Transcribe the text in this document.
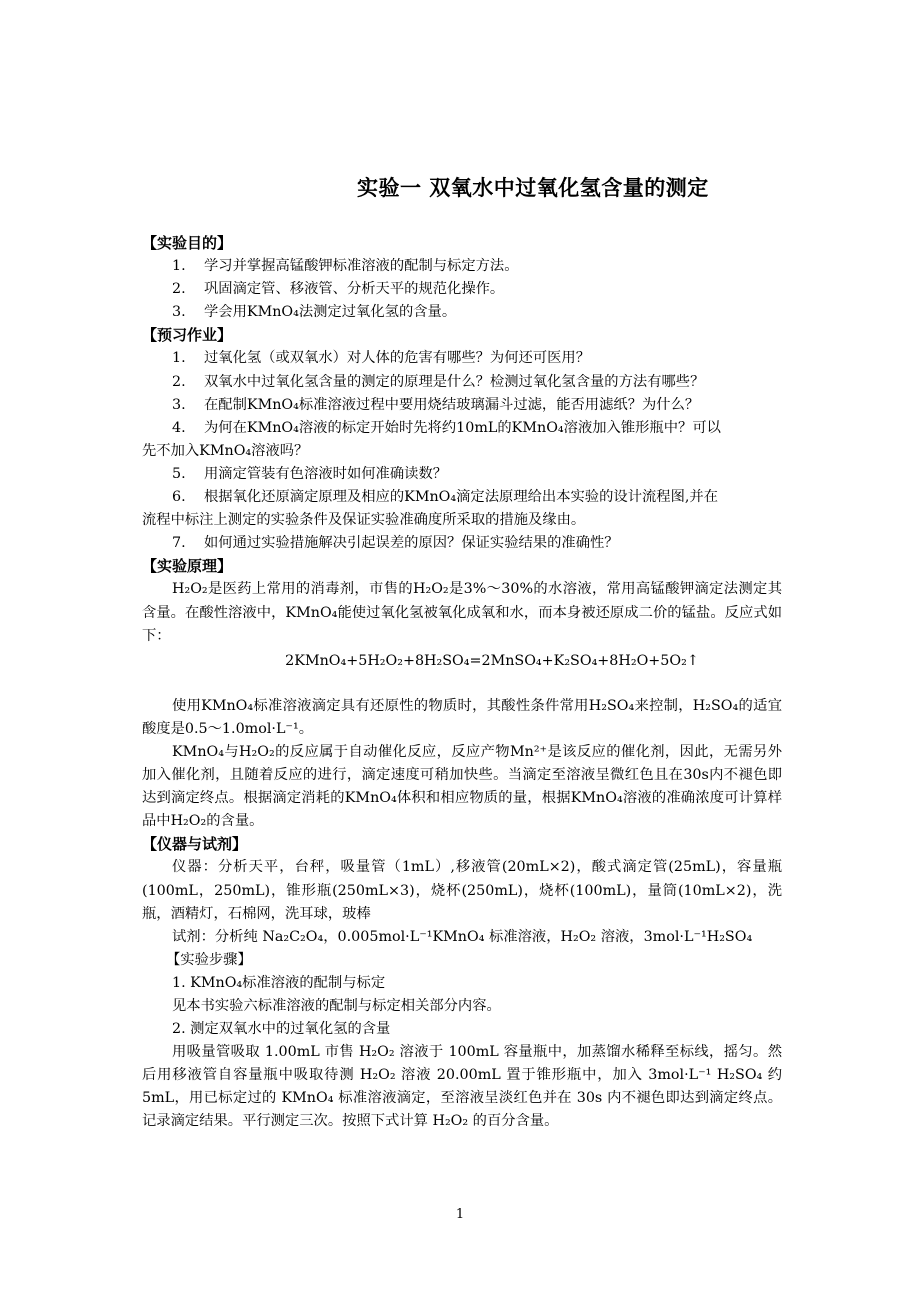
实验一 双氧水中过氧化氢含量的测定
【实验目的】
1. 学习并掌握高锰酸钾标准溶液的配制与标定方法。
2. 巩固滴定管、移液管、分析天平的规范化操作。
3. 学会用KMnO₄法测定过氧化氢的含量。
【预习作业】
1. 过氧化氢（或双氧水）对人体的危害有哪些？为何还可医用？
2. 双氧水中过氧化氢含量的测定的原理是什么？检测过氧化氢含量的方法有哪些？
3. 在配制KMnO₄标准溶液过程中要用烧结玻璃漏斗过滤，能否用滤纸？为什么？
4. 为何在KMnO₄溶液的标定开始时先将约10mL的KMnO₄溶液加入锥形瓶中？可以
先不加入KMnO₄溶液吗？
5. 用滴定管装有色溶液时如何准确读数？
6. 根据氧化还原滴定原理及相应的KMnO₄滴定法原理给出本实验的设计流程图,并在
流程中标注上测定的实验条件及保证实验准确度所采取的措施及缘由。
7. 如何通过实验措施解决引起误差的原因？保证实验结果的准确性？
【实验原理】

H₂O₂是医药上常用的消毒剂，市售的H₂O₂是3%～30%的水溶液，常用高锰酸钾滴定法测定其含量。在酸性溶液中，KMnO₄能使过氧化氢被氧化成氧和水，而本身被还原成二价的锰盐。反应式如下：

2KMnO₄+5H₂O₂+8H₂SO₄=2MnSO₄+K₂SO₄+8H₂O+5O₂↑

使用KMnO₄标准溶液滴定具有还原性的物质时，其酸性条件常用H₂SO₄来控制，H₂SO₄的适宜酸度是0.5～1.0mol·L⁻¹。

KMnO₄与H₂O₂的反应属于自动催化反应，反应产物Mn²⁺是该反应的催化剂，因此，无需另外加入催化剂，且随着反应的进行，滴定速度可稍加快些。当滴定至溶液呈微红色且在30s内不褪色即达到滴定终点。根据滴定消耗的KMnO₄体积和相应物质的量，根据KMnO₄溶液的准确浓度可计算样品中H₂O₂的含量。

【仪器与试剂】

仪器：分析天平，台秤，吸量管（1mL）,移液管(20mL×2)，酸式滴定管(25mL)，容量瓶(100mL，250mL)，锥形瓶(250mL×3)，烧杯(250mL)，烧杯(100mL)，量筒(10mL×2)，洗瓶，酒精灯，石棉网，洗耳球，玻棒

试剂：分析纯 Na₂C₂O₄，0.005mol·L⁻¹KMnO₄ 标准溶液，H₂O₂ 溶液，3mol·L⁻¹H₂SO₄

【实验步骤】
1. KMnO₄标准溶液的配制与标定
见本书实验六标准溶液的配制与标定相关部分内容。
2. 测定双氧水中的过氧化氢的含量

用吸量管吸取 1.00mL 市售 H₂O₂ 溶液于 100mL 容量瓶中，加蒸馏水稀释至标线，摇匀。然后用移液管自容量瓶中吸取待测 H₂O₂ 溶液 20.00mL 置于锥形瓶中，加入 3mol·L⁻¹ H₂SO₄ 约 5mL，用已标定过的 KMnO₄ 标准溶液滴定，至溶液呈淡红色并在 30s 内不褪色即达到滴定终点。记录滴定结果。平行测定三次。按照下式计算 H₂O₂ 的百分含量。

1
